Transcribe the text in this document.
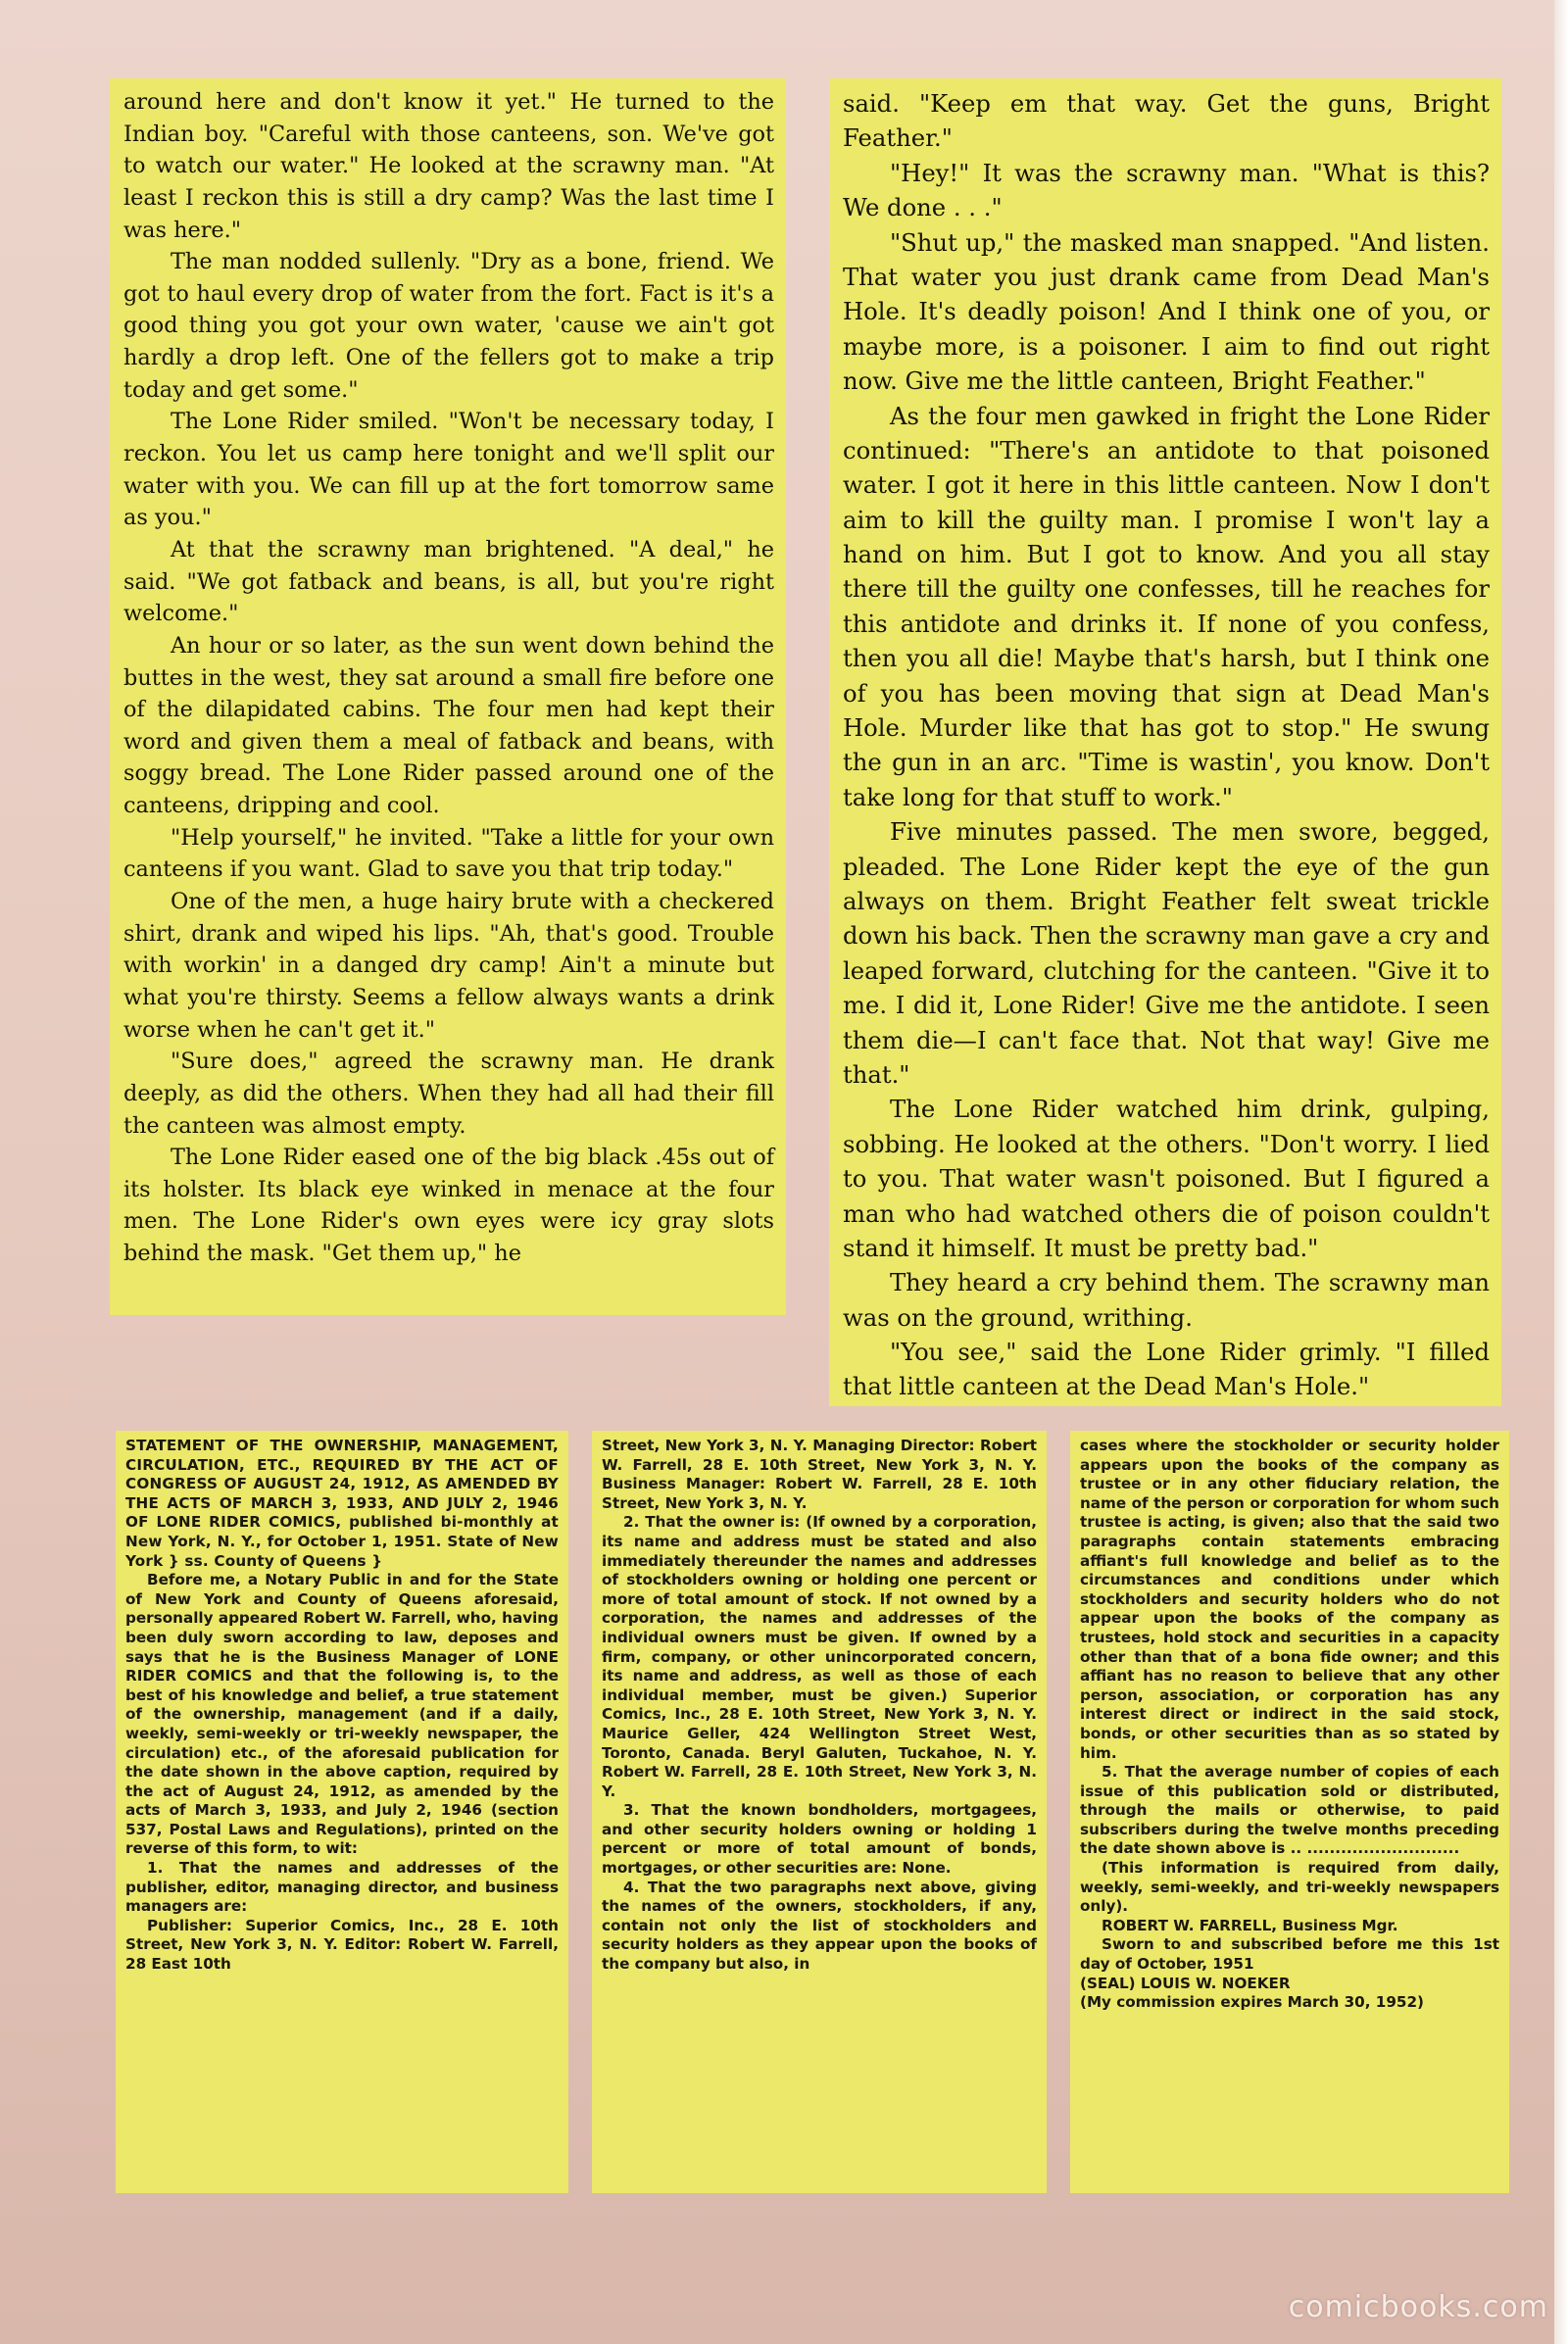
around here and don't know it yet." He turned to the Indian boy. "Careful with those canteens, son. We've got to watch our water." He looked at the scrawny man. "At least I reckon this is still a dry camp? Was the last time I was here."

The man nodded sullenly. "Dry as a bone, friend. We got to haul every drop of water from the fort. Fact is it's a good thing you got your own water, 'cause we ain't got hardly a drop left. One of the fellers got to make a trip today and get some."

The Lone Rider smiled. "Won't be necessary today, I reckon. You let us camp here tonight and we'll split our water with you. We can fill up at the fort tomorrow same as you."

At that the scrawny man brightened. "A deal," he said. "We got fatback and beans, is all, but you're right welcome."

An hour or so later, as the sun went down behind the buttes in the west, they sat around a small fire before one of the dilapidated cabins. The four men had kept their word and given them a meal of fatback and beans, with soggy bread. The Lone Rider passed around one of the canteens, dripping and cool.

"Help yourself," he invited. "Take a little for your own canteens if you want. Glad to save you that trip today."

One of the men, a huge hairy brute with a checkered shirt, drank and wiped his lips. "Ah, that's good. Trouble with workin' in a danged dry camp! Ain't a minute but what you're thirsty. Seems a fellow always wants a drink worse when he can't get it."

"Sure does," agreed the scrawny man. He drank deeply, as did the others. When they had all had their fill the canteen was almost empty.

The Lone Rider eased one of the big black .45s out of its holster. Its black eye winked in menace at the four men. The Lone Rider's own eyes were icy gray slots behind the mask. "Get them up," he

said. "Keep em that way. Get the guns, Bright Feather."

"Hey!" It was the scrawny man. "What is this? We done . . ."

"Shut up," the masked man snapped. "And listen. That water you just drank came from Dead Man's Hole. It's deadly poison! And I think one of you, or maybe more, is a poisoner. I aim to find out right now. Give me the little canteen, Bright Feather."

As the four men gawked in fright the Lone Rider continued: "There's an antidote to that poisoned water. I got it here in this little canteen. Now I don't aim to kill the guilty man. I promise I won't lay a hand on him. But I got to know. And you all stay there till the guilty one confesses, till he reaches for this antidote and drinks it. If none of you confess, then you all die! Maybe that's harsh, but I think one of you has been moving that sign at Dead Man's Hole. Murder like that has got to stop." He swung the gun in an arc. "Time is wastin', you know. Don't take long for that stuff to work."

Five minutes passed. The men swore, begged, pleaded. The Lone Rider kept the eye of the gun always on them. Bright Feather felt sweat trickle down his back. Then the scrawny man gave a cry and leaped forward, clutching for the canteen. "Give it to me. I did it, Lone Rider! Give me the antidote. I seen them die—I can't face that. Not that way! Give me that."

The Lone Rider watched him drink, gulping, sobbing. He looked at the others. "Don't worry. I lied to you. That water wasn't poisoned. But I figured a man who had watched others die of poison couldn't stand it himself. It must be pretty bad."

They heard a cry behind them. The scrawny man was on the ground, writhing.

"You see," said the Lone Rider grimly. "I filled that little canteen at the Dead Man's Hole."

STATEMENT OF THE OWNERSHIP, MANAGEMENT, CIRCULATION, ETC., REQUIRED BY THE ACT OF CONGRESS OF AUGUST 24, 1912, AS AMENDED BY THE ACTS OF MARCH 3, 1933, AND JULY 2, 1946 OF LONE RIDER COMICS, published bi-monthly at New York, N. Y., for October 1, 1951. State of New York } ss. County of Queens }

Before me, a Notary Public in and for the State of New York and County of Queens aforesaid, personally appeared Robert W. Farrell, who, having been duly sworn according to law, deposes and says that he is the Business Manager of LONE RIDER COMICS and that the following is, to the best of his knowledge and belief, a true statement of the ownership, management (and if a daily, weekly, semi-weekly or tri-weekly newspaper, the circulation) etc., of the aforesaid publication for the date shown in the above caption, required by the act of August 24, 1912, as amended by the acts of March 3, 1933, and July 2, 1946 (section 537, Postal Laws and Regulations), printed on the reverse of this form, to wit:

1. That the names and addresses of the publisher, editor, managing director, and business managers are:

Publisher: Superior Comics, Inc., 28 E. 10th Street, New York 3, N. Y. Editor: Robert W. Farrell, 28 East 10th

Street, New York 3, N. Y. Managing Director: Robert W. Farrell, 28 E. 10th Street, New York 3, N. Y. Business Manager: Robert W. Farrell, 28 E. 10th Street, New York 3, N. Y.

2. That the owner is: (If owned by a corporation, its name and address must be stated and also immediately thereunder the names and addresses of stockholders owning or holding one percent or more of total amount of stock. If not owned by a corporation, the names and addresses of the individual owners must be given. If owned by a firm, company, or other unincorporated concern, its name and address, as well as those of each individual member, must be given.) Superior Comics, Inc., 28 E. 10th Street, New York 3, N. Y. Maurice Geller, 424 Wellington Street West, Toronto, Canada. Beryl Galuten, Tuckahoe, N. Y. Robert W. Farrell, 28 E. 10th Street, New York 3, N. Y.

3. That the known bondholders, mortgagees, and other security holders owning or holding 1 percent or more of total amount of bonds, mortgages, or other securities are: None.

4. That the two paragraphs next above, giving the names of the owners, stockholders, if any, contain not only the list of stockholders and security holders as they appear upon the books of the company but also, in

cases where the stockholder or security holder appears upon the books of the company as trustee or in any other fiduciary relation, the name of the person or corporation for whom such trustee is acting, is given; also that the said two paragraphs contain statements embracing affiant's full knowledge and belief as to the circumstances and conditions under which stockholders and security holders who do not appear upon the books of the company as trustees, hold stock and securities in a capacity other than that of a bona fide owner; and this affiant has no reason to believe that any other person, association, or corporation has any interest direct or indirect in the said stock, bonds, or other securities than as so stated by him.

5. That the average number of copies of each issue of this publication sold or distributed, through the mails or otherwise, to paid subscribers during the twelve months preceding the date shown above is .. ...........................

(This information is required from daily, weekly, semi-weekly, and tri-weekly newspapers only).

ROBERT W. FARRELL, Business Mgr.

Sworn to and subscribed before me this 1st day of October, 1951

(SEAL) LOUIS W. NOEKER

(My commission expires March 30, 1952)

comicbooks.com
